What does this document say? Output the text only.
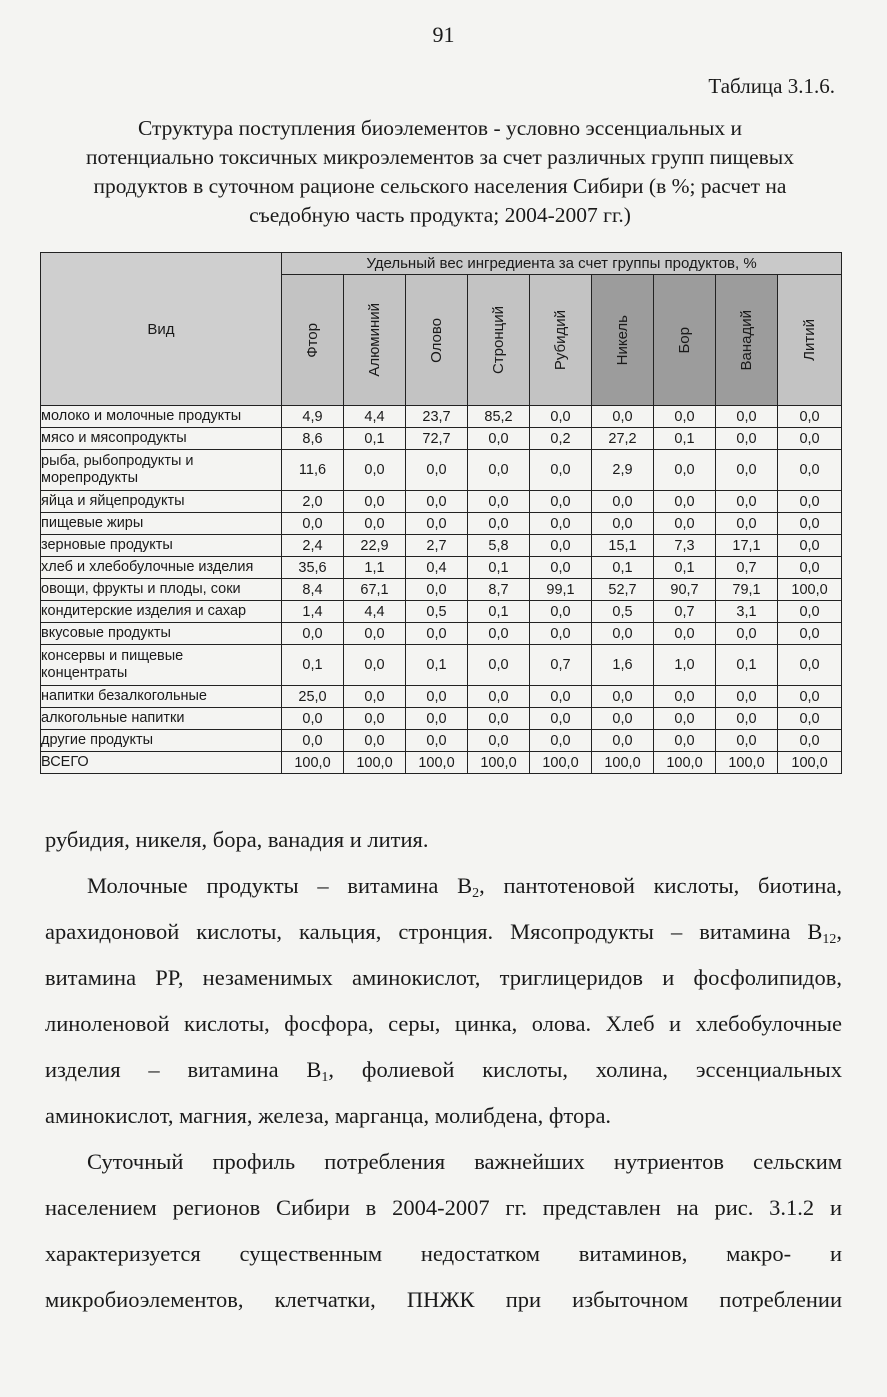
91
Таблица 3.1.6.
Структура поступления биоэлементов - условно эссенциальных и
потенциально токсичных микроэлементов за счет различных групп пищевых
продуктов в суточном рационе сельского населения Сибири (в %; расчет на
съедобную часть продукта; 2004-2007 гг.)
Вид	Удельный вес ингредиента за счет группы продуктов, %								

	Фтор	Алюминий	Олово	Стронций	Рубидий	Никель	Бор	Ванадий	Литий

молоко и молочные продукты	4,9	4,4	23,7	85,2	0,0	0,0	0,0	0,0	0,0

мясо и мясопродукты	8,6	0,1	72,7	0,0	0,2	27,2	0,1	0,0	0,0

рыба, рыбопродукты и
морепродукты	11,6	0,0	0,0	0,0	0,0	2,9	0,0	0,0	0,0

яйца и яйцепродукты	2,0	0,0	0,0	0,0	0,0	0,0	0,0	0,0	0,0

пищевые жиры	0,0	0,0	0,0	0,0	0,0	0,0	0,0	0,0	0,0

зерновые продукты	2,4	22,9	2,7	5,8	0,0	15,1	7,3	17,1	0,0

хлеб и хлебобулочные изделия	35,6	1,1	0,4	0,1	0,0	0,1	0,1	0,7	0,0

овощи, фрукты и плоды, соки	8,4	67,1	0,0	8,7	99,1	52,7	90,7	79,1	100,0

кондитерские изделия и сахар	1,4	4,4	0,5	0,1	0,0	0,5	0,7	3,1	0,0

вкусовые продукты	0,0	0,0	0,0	0,0	0,0	0,0	0,0	0,0	0,0

консервы и пищевые
концентраты	0,1	0,0	0,1	0,0	0,7	1,6	1,0	0,1	0,0

напитки безалкогольные	25,0	0,0	0,0	0,0	0,0	0,0	0,0	0,0	0,0

алкогольные напитки	0,0	0,0	0,0	0,0	0,0	0,0	0,0	0,0	0,0

другие продукты	0,0	0,0	0,0	0,0	0,0	0,0	0,0	0,0	0,0

ВСЕГО	100,0	100,0	100,0	100,0	100,0	100,0	100,0	100,0	100,0

рубидия, никеля, бора, ванадия и лития.

Молочные продукты – витамина $B_2$, пантотеновой кислоты, биотина,
арахидоновой кислоты, кальция, стронция. Мясопродукты – витамина $B_{12}$,
витамина PP, незаменимых аминокислот, триглицеридов и фосфолипидов,
линоленовой кислоты, фосфора, серы, цинка, олова. Хлеб и хлебобулочные
изделия – витамина $B_1$, фолиевой кислоты, холина, эссенциальных
аминокислот, магния, железа, марганца, молибдена, фтора.

Суточный профиль потребления важнейших нутриентов сельским
населением регионов Сибири в 2004-2007 гг. представлен на рис. 3.1.2 и
характеризуется существенным недостатком витаминов, макро- и
микробиоэлементов, клетчатки, ПНЖК при избыточном потреблении
